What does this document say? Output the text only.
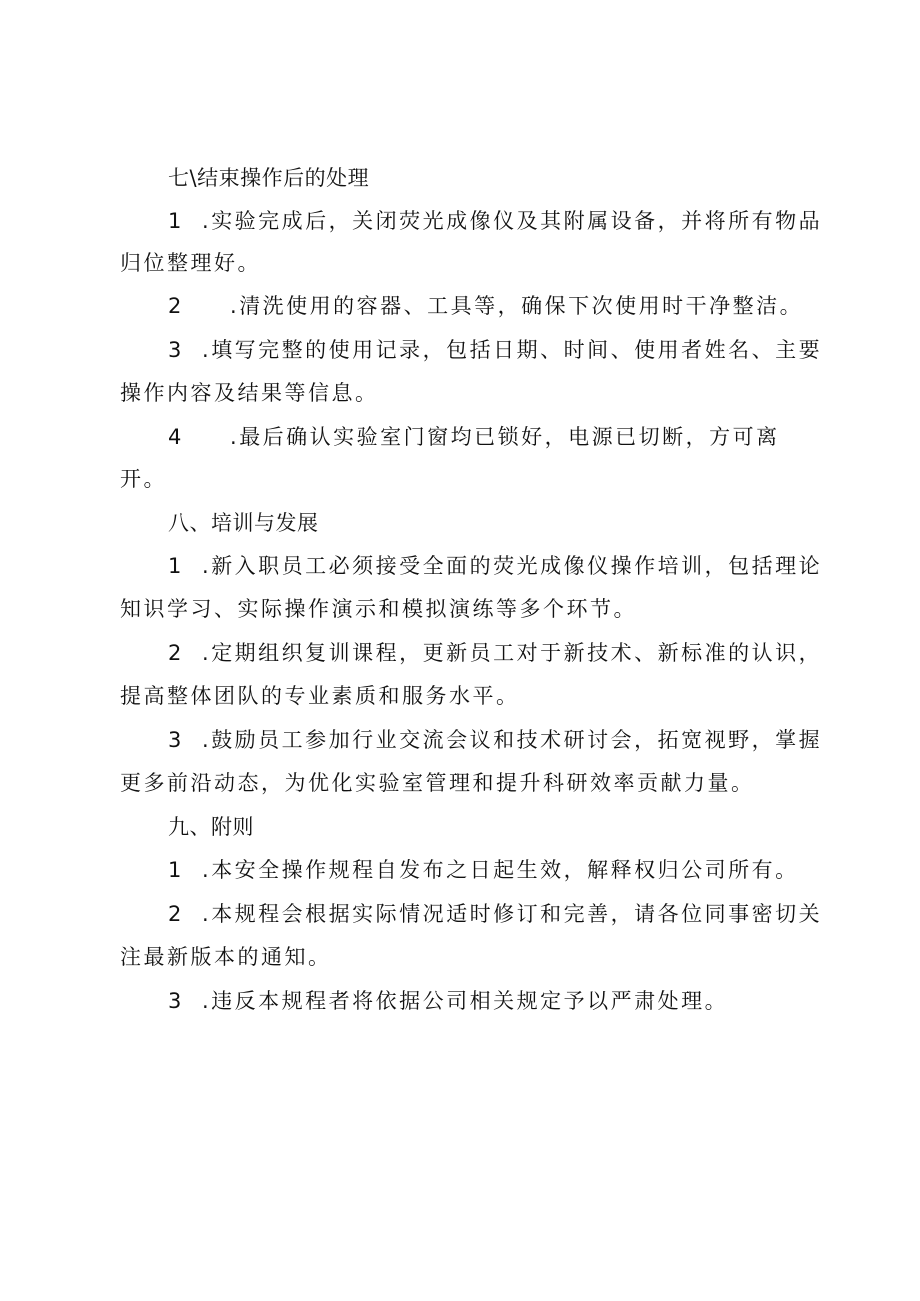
七\结束操作后的处理
1 .实验完成后，关闭荧光成像仪及其附属设备，并将所有物品
归位整理好。
2 .清洗使用的容器、工具等，确保下次使用时干净整洁。
3 .填写完整的使用记录，包括日期、时间、使用者姓名、主要
操作内容及结果等信息。
4 .最后确认实验室门窗均已锁好，电源已切断，方可离
开。
八、培训与发展
1 .新入职员工必须接受全面的荧光成像仪操作培训，包括理论
知识学习、实际操作演示和模拟演练等多个环节。
2 .定期组织复训课程，更新员工对于新技术、新标准的认识，
提高整体团队的专业素质和服务水平。
3 .鼓励员工参加行业交流会议和技术研讨会，拓宽视野，掌握
更多前沿动态，为优化实验室管理和提升科研效率贡献力量。
九、附则
1 .本安全操作规程自发布之日起生效，解释权归公司所有。
2 .本规程会根据实际情况适时修订和完善，请各位同事密切关
注最新版本的通知。
3 .违反本规程者将依据公司相关规定予以严肃处理。
